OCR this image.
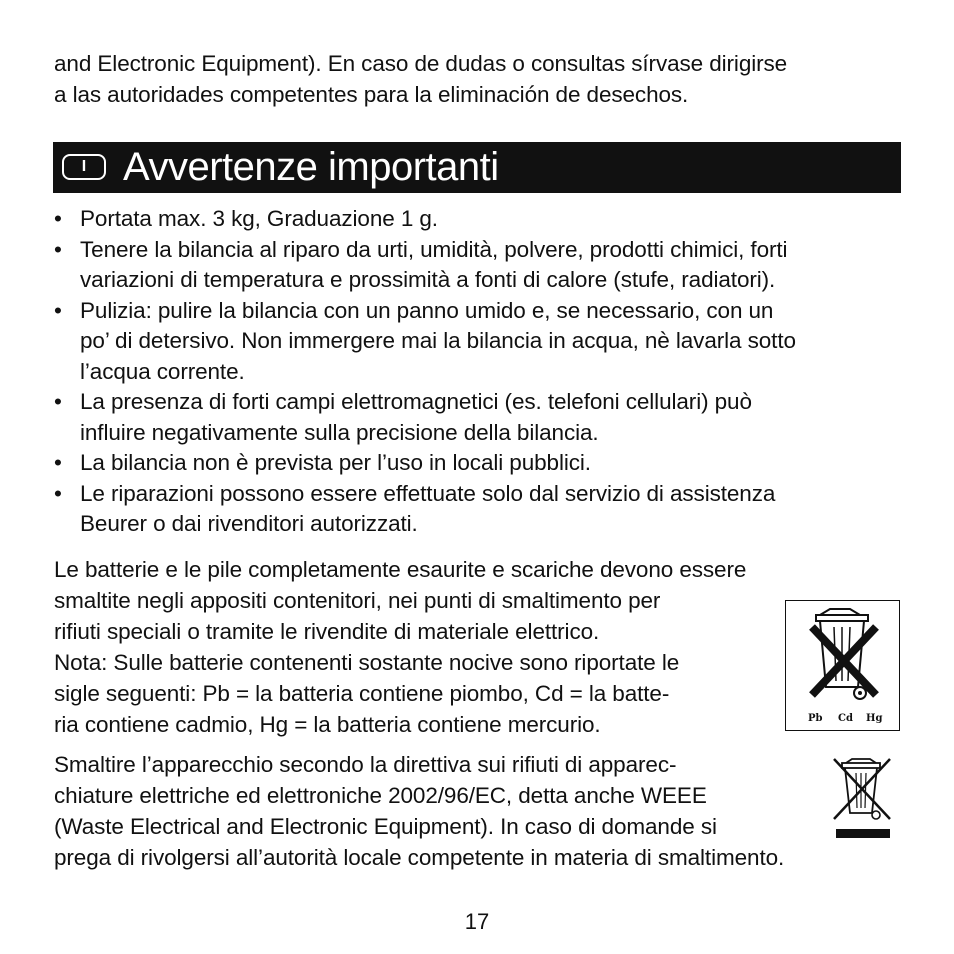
and Electronic Equipment). En caso de dudas o consultas sírvase dirigirse
a las autoridades competentes para la eliminación de desechos.
I Avvertenze importanti
• Portata max. 3 kg, Graduazione 1 g.
• Tenere la bilancia al riparo da urti, umidità, polvere, prodotti chimici, forti
variazioni di temperatura e prossimità a fonti di calore (stufe, radiatori).
• Pulizia: pulire la bilancia con un panno umido e, se necessario, con un
po’ di detersivo. Non immergere mai la bilancia in acqua, nè lavarla sotto
l’acqua corrente.
• La presenza di forti campi elettromagnetici (es. telefoni cellulari) può
influire negativamente sulla precisione della bilancia.
• La bilancia non è prevista per l’uso in locali pubblici.
• Le riparazioni possono essere effettuate solo dal servizio di assistenza
Beurer o dai rivenditori autorizzati.
Le batterie e le pile completamente esaurite e scariche devono essere
smaltite negli appositi contenitori, nei punti di smaltimento per
rifiuti speciali o tramite le rivendite di materiale elettrico.
Nota: Sulle batterie contenenti sostante nocive sono riportate le
sigle seguenti: Pb = la batteria contiene piombo, Cd = la batte-
ria contiene cadmio, Hg = la batteria contiene mercurio.	Pb Cd Hg
Smaltire l’apparecchio secondo la direttiva sui rifiuti di apparec-
chiature elettriche ed elettroniche 2002/96/EC, detta anche WEEE
(Waste Electrical and Electronic Equipment). In caso di domande si
prega di rivolgersi all’autorità locale competente in materia di smaltimento.
17
